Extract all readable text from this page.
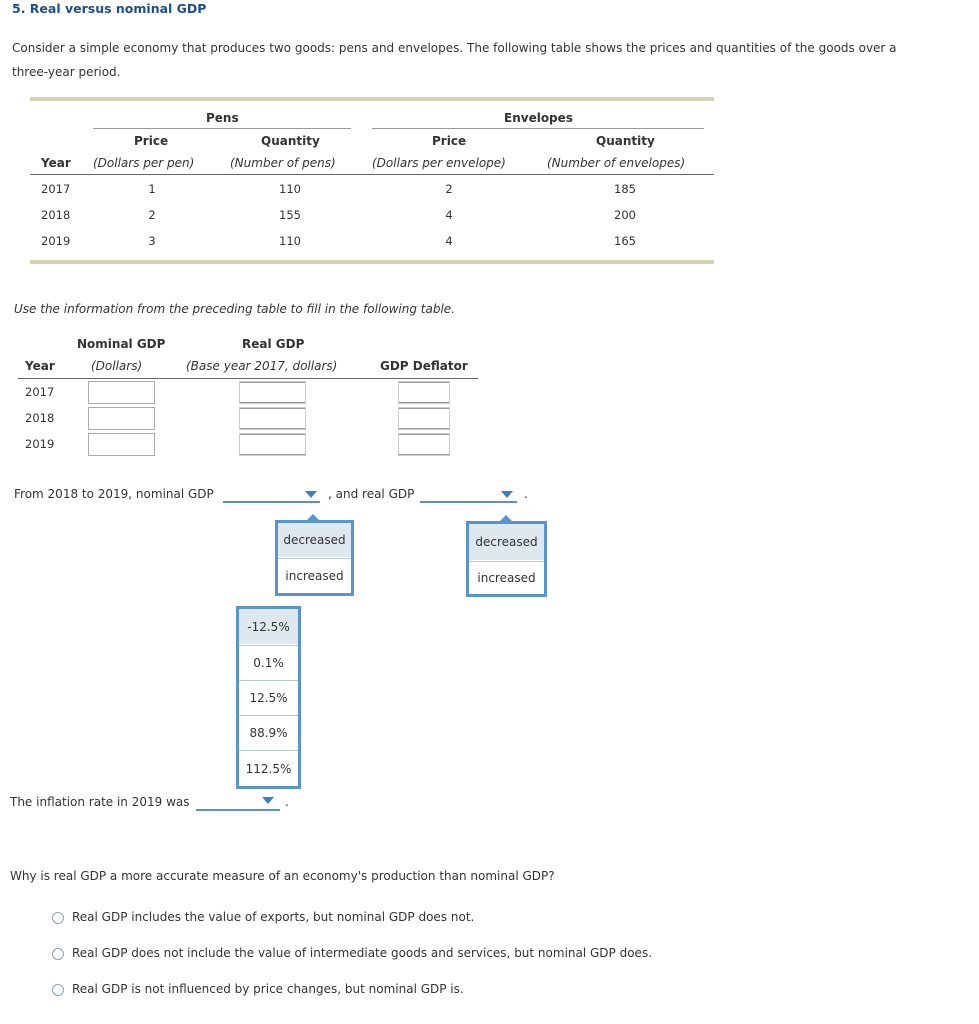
5. Real versus nominal GDP
Consider a simple economy that produces two goods: pens and envelopes. The following table shows the prices and quantities of the goods over a three-year period.
Pens	Envelopes
Price	Quantity	Price	Quantity
Year (Dollars per pen)	(Number of pens)	(Dollars per envelope)	(Number of envelopes)
2017	1	110	2	185
2018	2	155	4	200
2019	3	110	4	165
Use the information from the preceding table to fill in the following table.
Nominal GDP	Real GDP
Year	(Dollars)	(Base year 2017, dollars)	GDP Deflator
2017
2018
2019
From 2018 to 2019, nominal GDP	, and real GDP	.
decreased
increased
decreased
increased
-12.5%
0.1%
12.5%
88.9%
112.5%
The inflation rate in 2019 was	.
Why is real GDP a more accurate measure of an economy's production than nominal GDP?
Real GDP includes the value of exports, but nominal GDP does not.
Real GDP does not include the value of intermediate goods and services, but nominal GDP does.
Real GDP is not influenced by price changes, but nominal GDP is.
